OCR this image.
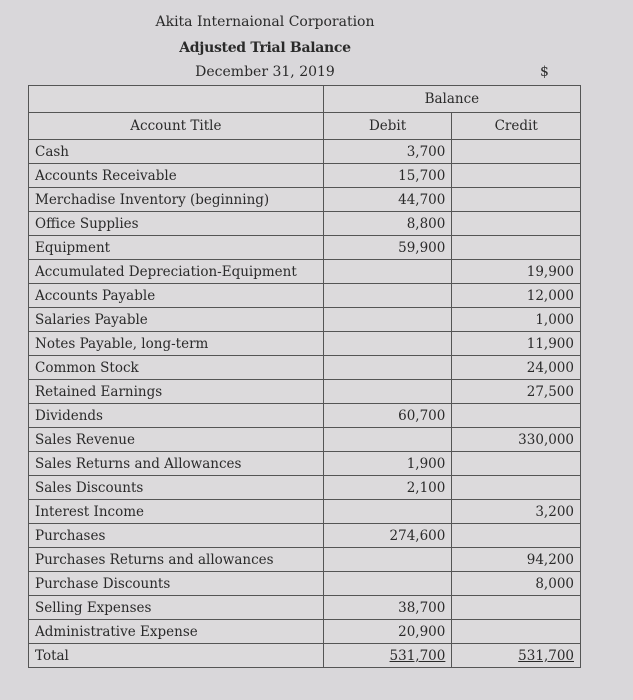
Akita Internaional Corporation
Adjusted Trial Balance
December 31, 2019	$
	Balance	
Account Title	Debit	Credit
Cash	3,700	
Accounts Receivable	15,700	
Merchadise Inventory (beginning)	44,700	
Office Supplies	8,800	
Equipment	59,900	
Accumulated Depreciation-Equipment		19,900
Accounts Payable		12,000
Salaries Payable		1,000
Notes Payable, long-term		11,900
Common Stock		24,000
Retained Earnings		27,500
Dividends	60,700	
Sales Revenue		330,000
Sales Returns and Allowances	1,900	
Sales Discounts	2,100	
Interest Income		3,200
Purchases	274,600	
Purchases Returns and allowances		94,200
Purchase Discounts		8,000
Selling Expenses	38,700	
Administrative Expense	20,900	
Total	531,700	531,700
